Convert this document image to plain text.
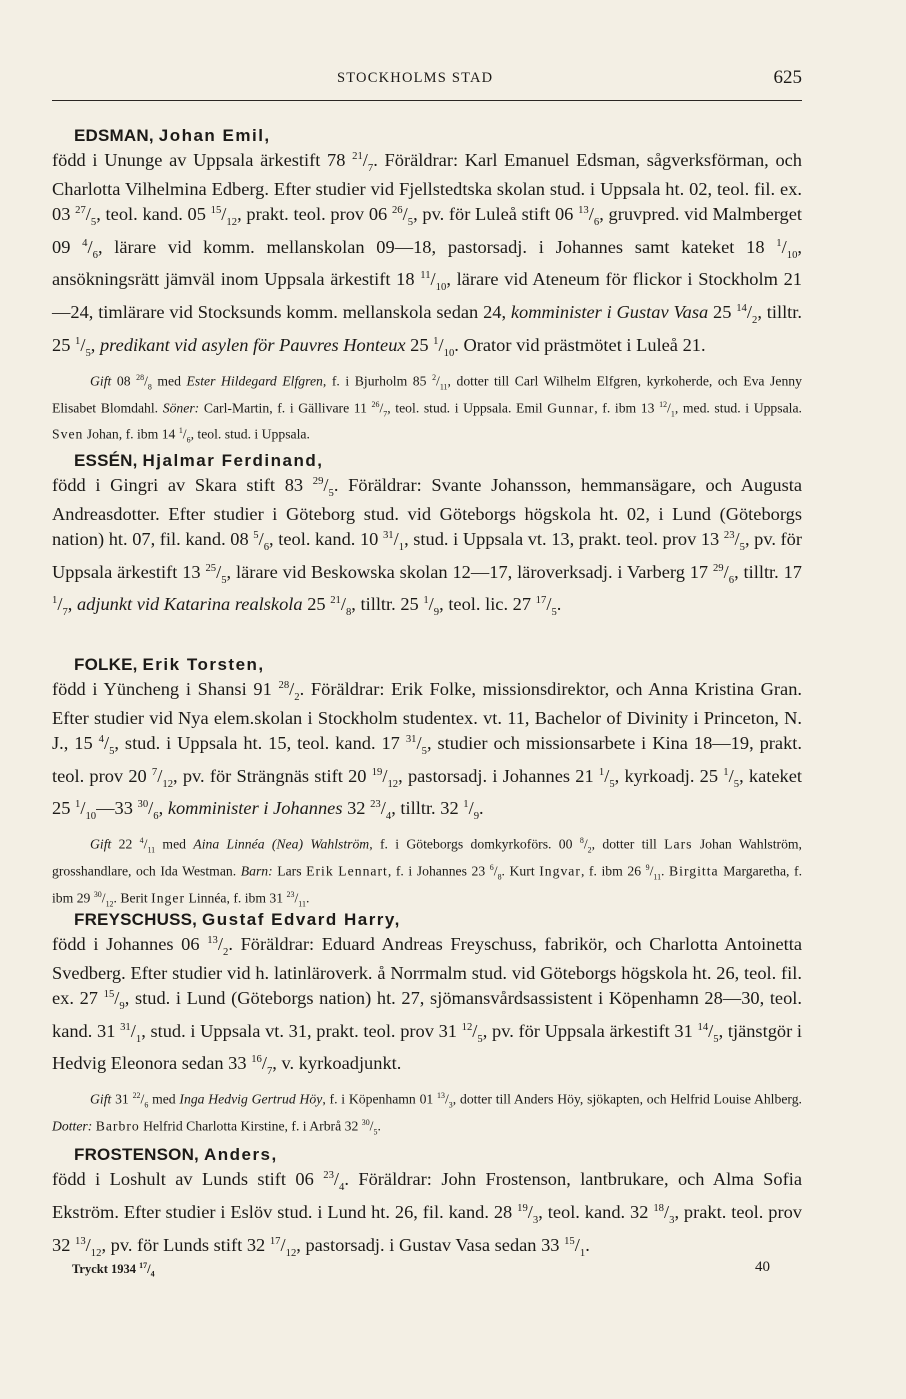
STOCKHOLMS STAD	625
EDSMAN, Johan Emil,
född i Ununge av Uppsala ärkestift 78 $^{21}/_7$. Föräldrar: Karl Emanuel Edsman, sågverksförman, och Charlotta Vilhelmina Edberg. Efter studier vid Fjellstedtska skolan stud. i Uppsala ht. 02, teol. fil. ex. 03 $^{27}/_5$, teol. kand. 05 $^{15}/_{12}$, prakt. teol. prov 06 $^{26}/_5$, pv. för Luleå stift 06 $^{13}/_6$, gruvpred. vid Malmberget 09 $^4/_6$, lärare vid komm. mellanskolan 09—18, pastorsadj. i Johannes samt kateket 18 $^1/_{10}$, ansökningsrätt jämväl inom Uppsala ärkestift 18 $^{11}/_{10}$, lärare vid Ateneum för flickor i Stockholm 21—24, timlärare vid Stocksunds komm. mellanskola sedan 24, komminister i Gustav Vasa 25 $^{14}/_2$, tilltr. 25 $^1/_5$, predikant vid asylen för Pauvres Honteux 25 $^1/_{10}$. Orator vid prästmötet i Luleå 21.
Gift 08 $^{28}/_8$ med Ester Hildegard Elfgren, f. i Bjurholm 85 $^2/_{11}$, dotter till Carl Wilhelm Elfgren, kyrkoherde, och Eva Jenny Elisabet Blomdahl. Söner: Carl-Martin, f. i Gällivare 11 $^{26}/_7$, teol. stud. i Uppsala. Emil Gunnar, f. ibm 13 $^{12}/_1$, med. stud. i Uppsala. Sven Johan, f. ibm 14 $^1/_6$, teol. stud. i Uppsala.
ESSÉN, Hjalmar Ferdinand,
född i Gingri av Skara stift 83 $^{29}/_5$. Föräldrar: Svante Johansson, hemmansägare, och Augusta Andreasdotter. Efter studier i Göteborg stud. vid Göteborgs högskola ht. 02, i Lund (Göteborgs nation) ht. 07, fil. kand. 08 $^5/_6$, teol. kand. 10 $^{31}/_1$, stud. i Uppsala vt. 13, prakt. teol. prov 13 $^{23}/_5$, pv. för Uppsala ärkestift 13 $^{25}/_5$, lärare vid Beskowska skolan 12—17, läroverksadj. i Varberg 17 $^{29}/_6$, tilltr. 17 $^1/_7$, adjunkt vid Katarina realskola 25 $^{21}/_8$, tilltr. 25 $^1/_9$, teol. lic. 27 $^{17}/_5$.
FOLKE, Erik Torsten,
född i Yüncheng i Shansi 91 $^{28}/_2$. Föräldrar: Erik Folke, missionsdirektor, och Anna Kristina Gran. Efter studier vid Nya elem.skolan i Stockholm studentex. vt. 11, Bachelor of Divinity i Princeton, N. J., 15 $^4/_5$, stud. i Uppsala ht. 15, teol. kand. 17 $^{31}/_5$, studier och missionsarbete i Kina 18—19, prakt. teol. prov 20 $^7/_{12}$, pv. för Strängnäs stift 20 $^{19}/_{12}$, pastorsadj. i Johannes 21 $^1/_5$, kyrkoadj. 25 $^1/_5$, kateket 25 $^1/_{10}—33$ $^{30}/_6$, komminister i Johannes 32 $^{23}/_4$, tilltr. 32 $^1/_9$.
Gift 22 $^4/_{11}$ med Aina Linnéa (Nea) Wahlström, f. i Göteborgs domkyrkoförs. 00 $^8/_2$, dotter till Lars Johan Wahlström, grosshandlare, och Ida Westman. Barn: Lars Erik Lennart, f. i Johannes 23 $^6/_8$. Kurt Ingvar, f. ibm 26 $^9/_{11}$. Birgitta Margaretha, f. ibm 29 $^{30}/_{12}$. Berit Inger Linnéa, f. ibm 31 $^{23}/_{11}$.
FREYSCHUSS, Gustaf Edvard Harry,
född i Johannes 06 $^{13}/_2$. Föräldrar: Eduard Andreas Freyschuss, fabrikör, och Charlotta Antoinetta Svedberg. Efter studier vid h. latinläroverk. å Norrmalm stud. vid Göteborgs högskola ht. 26, teol. fil. ex. 27 $^{15}/_9$, stud. i Lund (Göteborgs nation) ht. 27, sjömansvårdsassistent i Köpenhamn 28—30, teol. kand. 31 $^{31}/_1$, stud. i Uppsala vt. 31, prakt. teol. prov 31 $^{12}/_5$, pv. för Uppsala ärkestift 31 $^{14}/_5$, tjänstgör i Hedvig Eleonora sedan 33 $^{16}/_7$, v. kyrkoadjunkt.
Gift 31 $^{22}/_6$ med Inga Hedvig Gertrud Höy, f. i Köpenhamn 01 $^{13}/_3$, dotter till Anders Höy, sjökapten, och Helfrid Louise Ahlberg. Dotter: Barbro Helfrid Charlotta Kirstine, f. i Arbrå 32 $^{30}/_5$.
FROSTENSON, Anders,
född i Loshult av Lunds stift 06 $^{23}/_4$. Föräldrar: John Frostenson, lantbrukare, och Alma Sofia Ekström. Efter studier i Eslöv stud. i Lund ht. 26, fil. kand. 28 $^{19}/_3$, teol. kand. 32 $^{18}/_3$, prakt. teol. prov 32 $^{13}/_{12}$, pv. för Lunds stift 32 $^{17}/_{12}$, pastorsadj. i Gustav Vasa sedan 33 $^{15}/_1$.
Tryckt 1934 $^{17}/_4$	40
